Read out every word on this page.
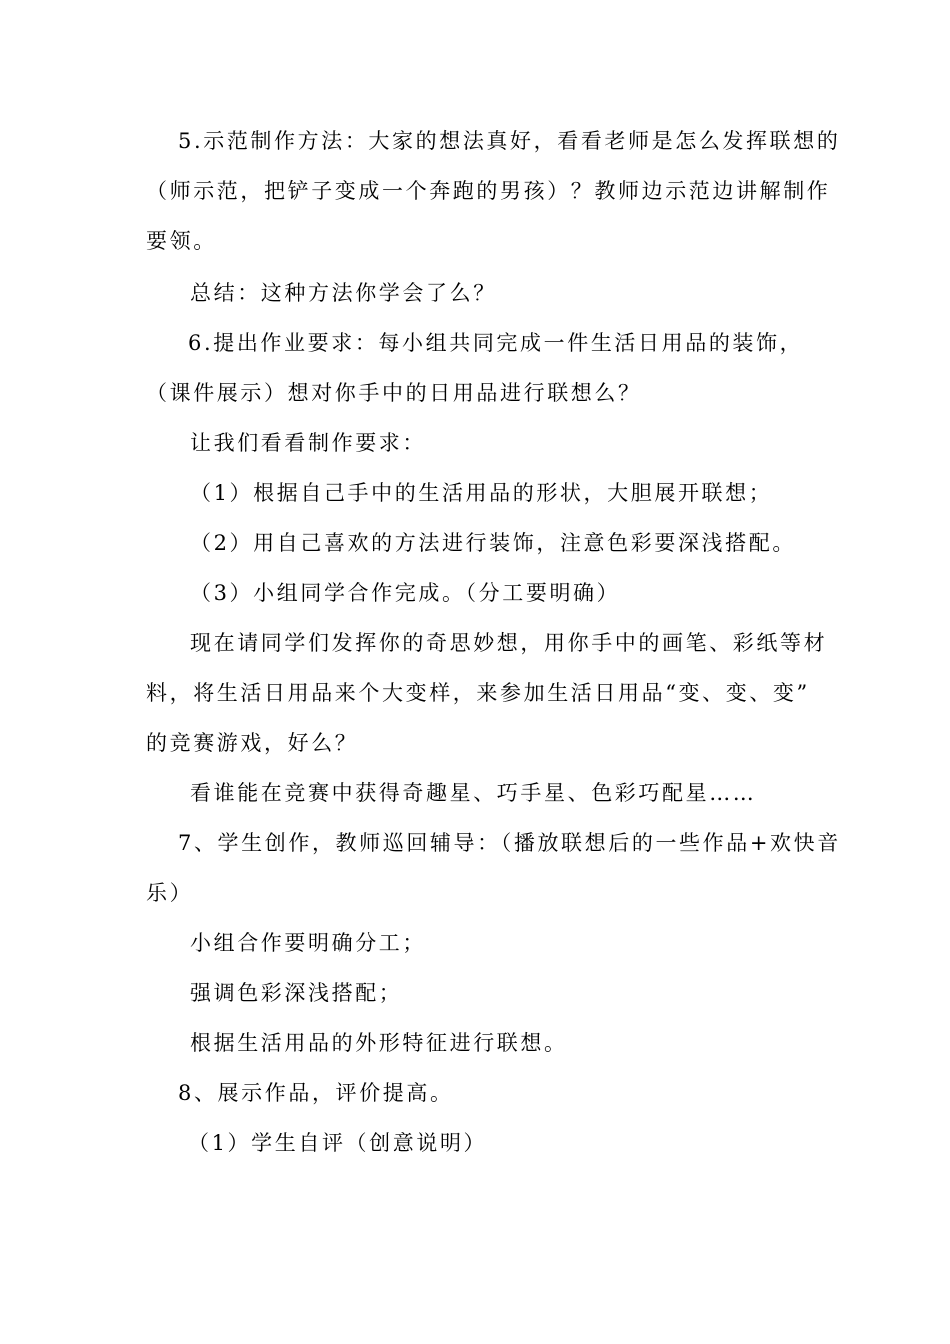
5.示范制作方法：大家的想法真好，看看老师是怎么发挥联想的
（师示范，把铲子变成一个奔跑的男孩）？教师边示范边讲解制作
要领。
总结：这种方法你学会了么？
6.提出作业要求：每小组共同完成一件生活日用品的装饰，
（课件展示）想对你手中的日用品进行联想么？
让我们看看制作要求：
（1）根据自己手中的生活用品的形状，大胆展开联想；
（2）用自己喜欢的方法进行装饰，注意色彩要深浅搭配。
（3）小组同学合作完成。（分工要明确）
现在请同学们发挥你的奇思妙想，用你手中的画笔、彩纸等材
料，将生活日用品来个大变样，来参加生活日用品“变、变、变”
的竞赛游戏，好么？
看谁能在竞赛中获得奇趣星、巧手星、色彩巧配星……
7、学生创作，教师巡回辅导：（播放联想后的一些作品+欢快音
乐）
小组合作要明确分工；
强调色彩深浅搭配；
根据生活用品的外形特征进行联想。
8、展示作品，评价提高。
（1）学生自评（创意说明）
